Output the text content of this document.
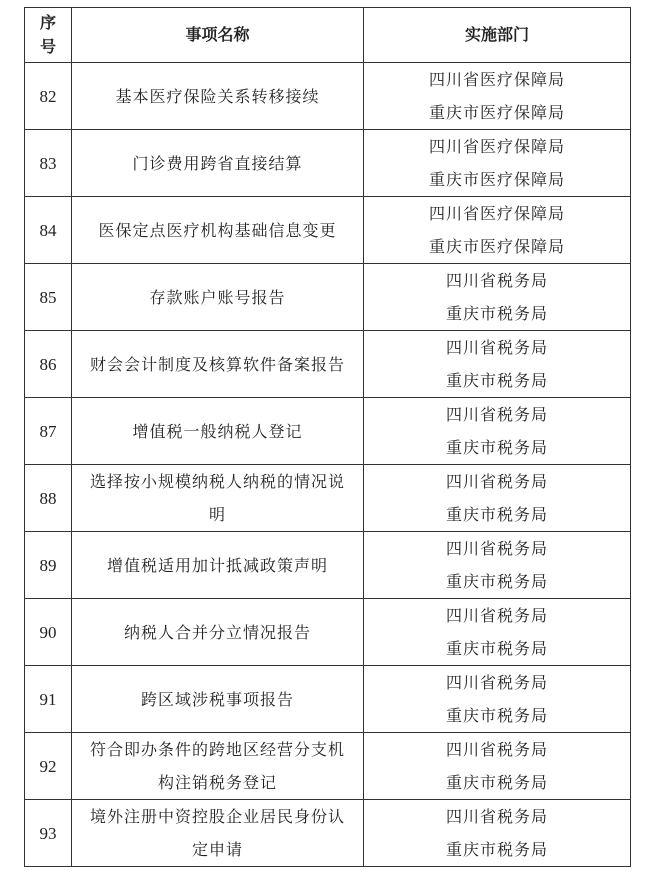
序号	事项名称	实施部门
82	基本医疗保险关系转移接续	四川省医疗保障局
重庆市医疗保障局

83	门诊费用跨省直接结算	四川省医疗保障局
重庆市医疗保障局

84	医保定点医疗机构基础信息变更	四川省医疗保障局
重庆市医疗保障局

85	存款账户账号报告	四川省税务局
重庆市税务局

86	财会会计制度及核算软件备案报告	四川省税务局
重庆市税务局

87	增值税一般纳税人登记	四川省税务局
重庆市税务局

88	选择按小规模纳税人纳税的情况说明	四川省税务局
重庆市税务局

89	增值税适用加计抵减政策声明	四川省税务局
重庆市税务局

90	纳税人合并分立情况报告	四川省税务局
重庆市税务局

91	跨区域涉税事项报告	四川省税务局
重庆市税务局

92	符合即办条件的跨地区经营分支机构注销税务登记	四川省税务局
重庆市税务局

93	境外注册中资控股企业居民身份认定申请	四川省税务局
重庆市税务局
